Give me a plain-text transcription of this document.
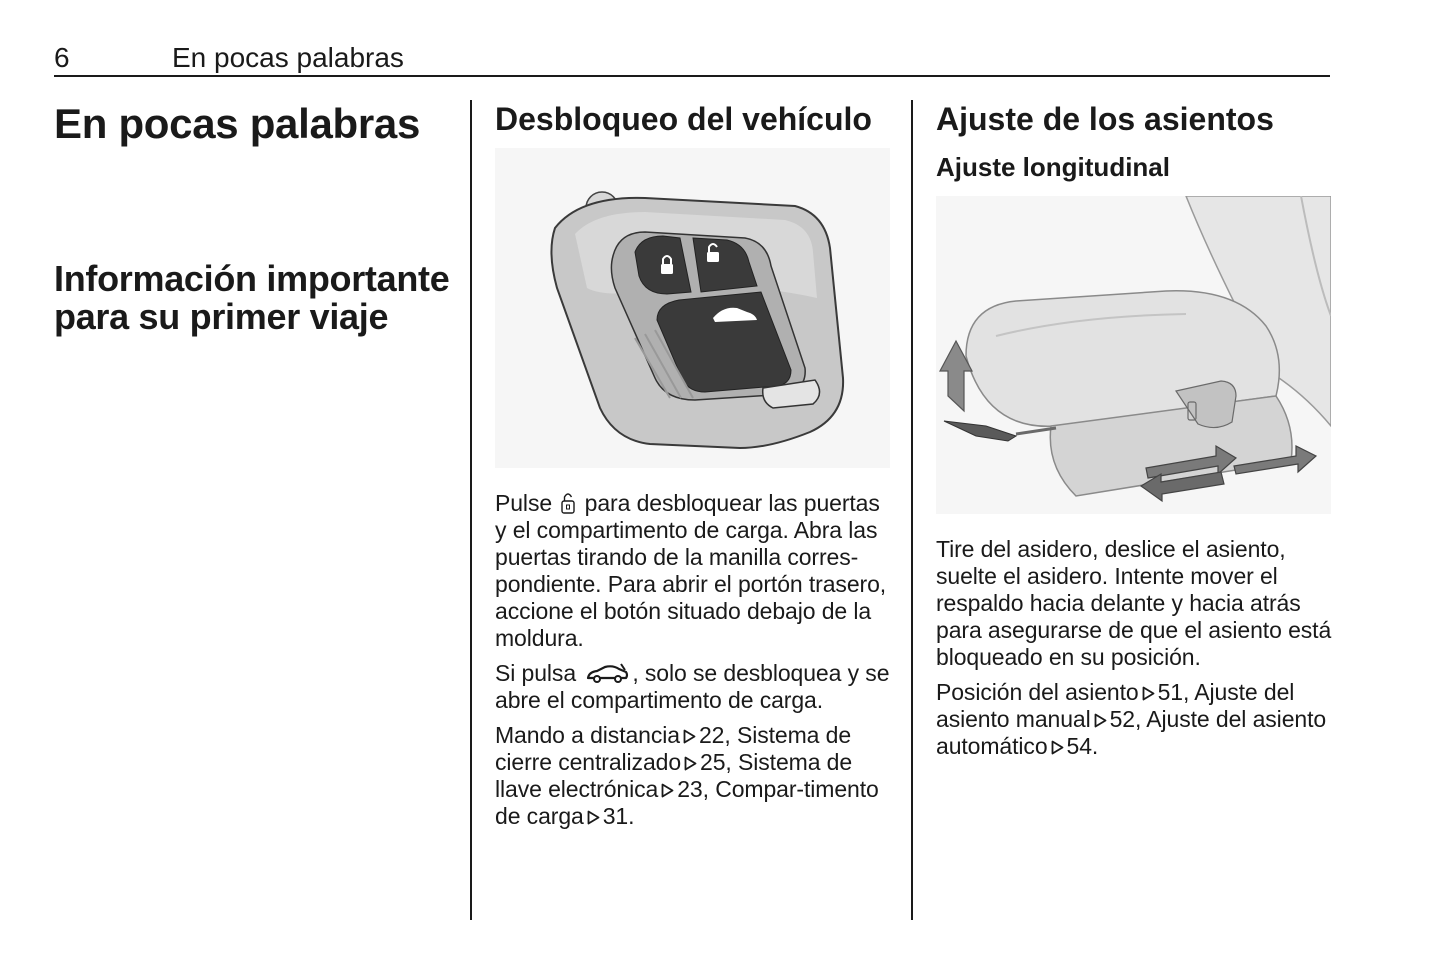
6	En pocas palabras
En pocas palabras
Información importante
para su primer viaje
Desbloqueo del vehículo

Pulse para desbloquear las puertas y el compartimento de carga. Abra las puertas tirando de la manilla corres-pondiente. Para abrir el portón trasero, accione el botón situado debajo de la moldura.

Si pulsa , solo se desbloquea y se abre el compartimento de carga.

Mando a distancia 22, Sistema de cierre centralizado 25, Sistema de llave electrónica 23, Compar-timento de carga 31.

Ajuste de los asientos
Ajuste longitudinal

Tire del asidero, deslice el asiento, suelte el asidero. Intente mover el respaldo hacia delante y hacia atrás para asegurarse de que el asiento está bloqueado en su posición.

Posición del asiento 51, Ajuste del asiento manual 52, Ajuste del asiento automático 54.
